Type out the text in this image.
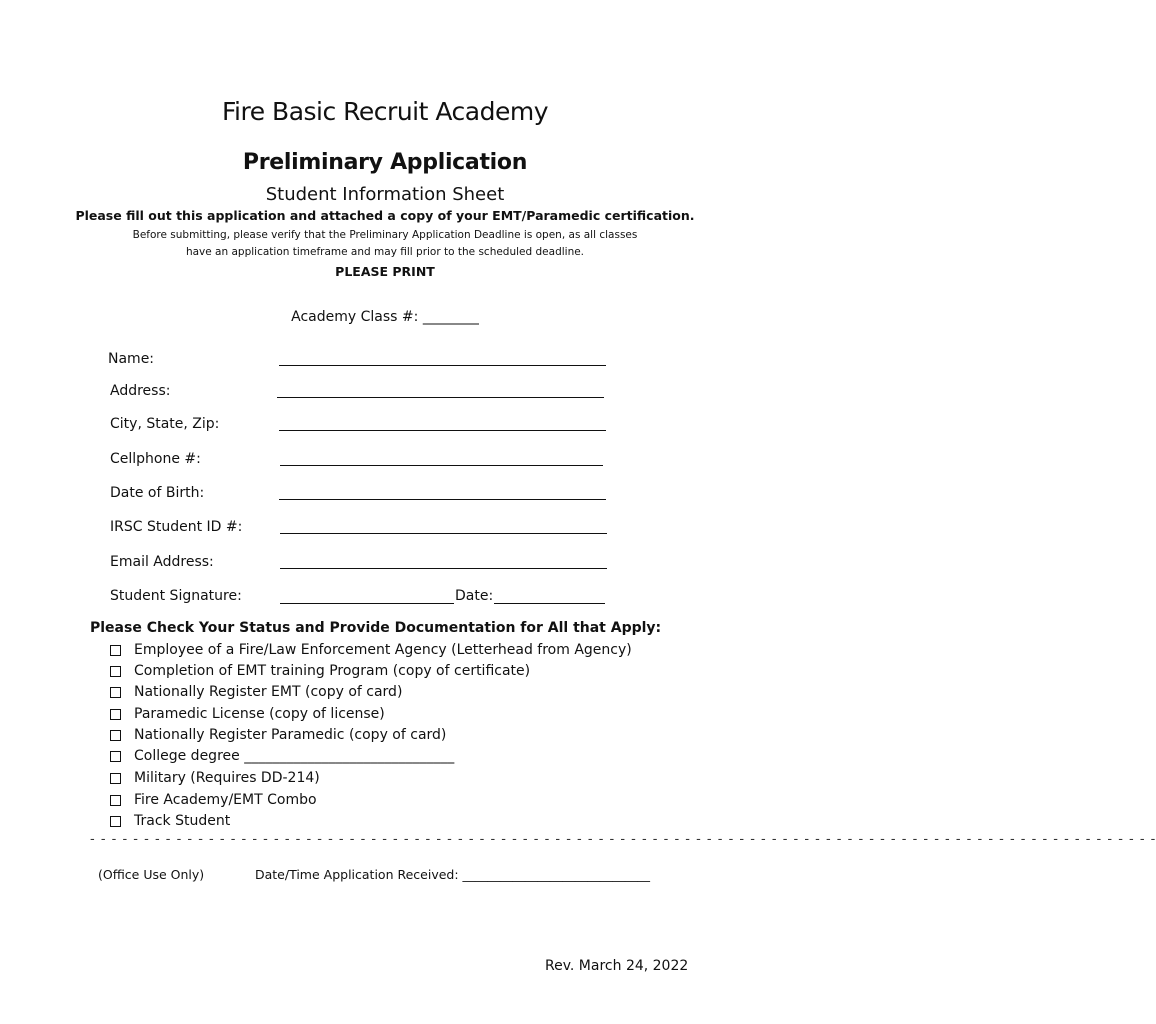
Fire Basic Recruit Academy
Preliminary Application
Student Information Sheet
Please fill out this application and attached a copy of your EMT/Paramedic certification.
Before submitting, please verify that the Preliminary Application Deadline is open, as all classes
have an application timeframe and may fill prior to the scheduled deadline.
PLEASE PRINT
Academy Class #: ________
Name:
Address:
City, State, Zip:
Cellphone #:
Date of Birth:
IRSC Student ID #:
Email Address:
Student Signature:	Date:
Please Check Your Status and Provide Documentation for All that Apply:
Employee of a Fire/Law Enforcement Agency (Letterhead from Agency)
Completion of EMT training Program (copy of certificate)
Nationally Register EMT (copy of card)
Paramedic License (copy of license)
Nationally Register Paramedic (copy of card)
College degree ______________________________
Military (Requires DD-214)
Fire Academy/EMT Combo
Track Student
- - - - - - - - - - - - - - - - - - - - - - - - - - - - - - - - - - - - - - - - - - - - - - - - - - - - - - - - - - - - - - - - - - - - - - - - - - - - - - - - - - - - - - - - - - - - - - - - - - -
(Office Use Only)	Date/Time Application Received: ______________________________
Rev. March 24, 2022
